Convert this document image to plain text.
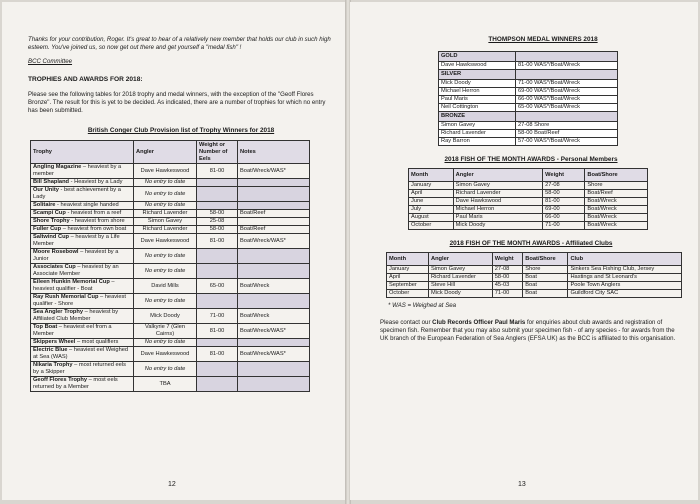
Thanks for your contribution, Roger. It's great to hear of a relatively new member that holds our club in such high esteem. You've joined us, so now get out there and get yourself a "medal fish" !

BCC Committee

TROPHIES AND AWARDS FOR 2018:

Please see the following tables for 2018 trophy and medal winners, with the exception of the "Geoff Flores Bronze". The result for this is yet to be decided. As indicated, there are a number of trophies for which no entry has been submitted.

British Conger Club Provision list of Trophy Winners for 2018

Trophy	Angler	Weight or Number of Eels	Notes
Angling Magazine – heaviest by a member	Dave Hawkeswood	81-00	Boat/Wreck/WAS*
Bill Shapland - Heaviest by a Lady	No entry to date		
Our Unity - best achievement by a Lady	No entry to date		
Solitaire - heaviest single handed	No entry to date		
Scampi Cup - heaviest from a reef	Richard Lavender	58-00	Boat/Reef
Shore Trophy - heaviest from shore	Simon Gavey	25-08	
Fuller Cup – heaviest from own boat	Richard Lavender	58-00	Boat/Reef
Saltwind Cup – heaviest by a Life Member	Dave Hawkeswood	81-00	Boat/Wreck/WAS*
Moore Rosebowl – heaviest by a Junior	No entry to date		
Associates Cup – heaviest by an Associate Member	No entry to date		
Eileen Hunkin Memorial Cup – heaviest qualifier - Boat	David Mills	65-00	Boat/Wreck
Ray Rush Memorial Cup – heaviest qualifier - Shore	No entry to date		
Sea Angler Trophy – heaviest by Affiliated Club Member	Mick Doody	71-00	Boat/Wreck
Top Boat – heaviest eel from a Member	Valkyrie 7 (Glen Cairns)	81-00	Boat/Wreck/WAS*
Skippers Wheel – most qualifiers	No entry to date		
Electric Blue – heaviest eel Weighed at Sea (WAS)	Dave Hawkeswood	81-00	Boat/Wreck/WAS*
Nikaria Trophy – most returned eels by a Skipper	No entry to date		
Geoff Flores Trophy – most eels returned by a Member	TBA		
12

THOMPSON MEDAL WINNERS 2018

GOLD	
Dave Hawkswood	81-00 WAS*/Boat/Wreck
SILVER	
Mick Doody	71-00 WAS*/Boat/Wreck
Michael Herron	69-00 WAS*/Boat/Wreck
Paul Maris	66-00 WAS*/Boat/Wreck
Neil Cottington	65-00 WAS*/Boat/Wreck
BRONZE	
Simon Gavey	27-08 Shore
Richard Lavender	58-00 Boat/Reef
Ray Barron	57-00 WAS*/Boat/Wreck

2018 FISH OF THE MONTH AWARDS - Personal Members

Month	Angler	Weight	Boat/Shore
January	Simon Gavey	27-08	Shore
April	Richard Lavender	58-00	Boat/Reef
June	Dave Hawkswood	81-00	Boat/Wreck
July	Michael Herron	69-00	Boat/Wreck
August	Paul Maris	66-00	Boat/Wreck
October	Mick Doody	71-00	Boat/Wreck

2018 FISH OF THE MONTH AWARDS - Affiliated Clubs

Month	Angler	Weight	Boat/Shore	Club
January	Simon Gavey	27-08	Shore	Sinkers Sea Fishing Club, Jersey
April	Richard Lavender	58-00	Boat	Hastings and St Leonard's
September	Steve Hill	45-03	Boat	Poole Town Anglers
October	Mick Doody	71-00	Boat	Guildford City SAC

* WAS = Weighed at Sea

Please contact our Club Records Officer Paul Maris for enquiries about club awards and registration of specimen fish. Remember that you may also submit your specimen fish - of any species - for awards from the UK branch of the European Federation of Sea Anglers (EFSA UK) as the BCC is affiliated to this organisation.

13
